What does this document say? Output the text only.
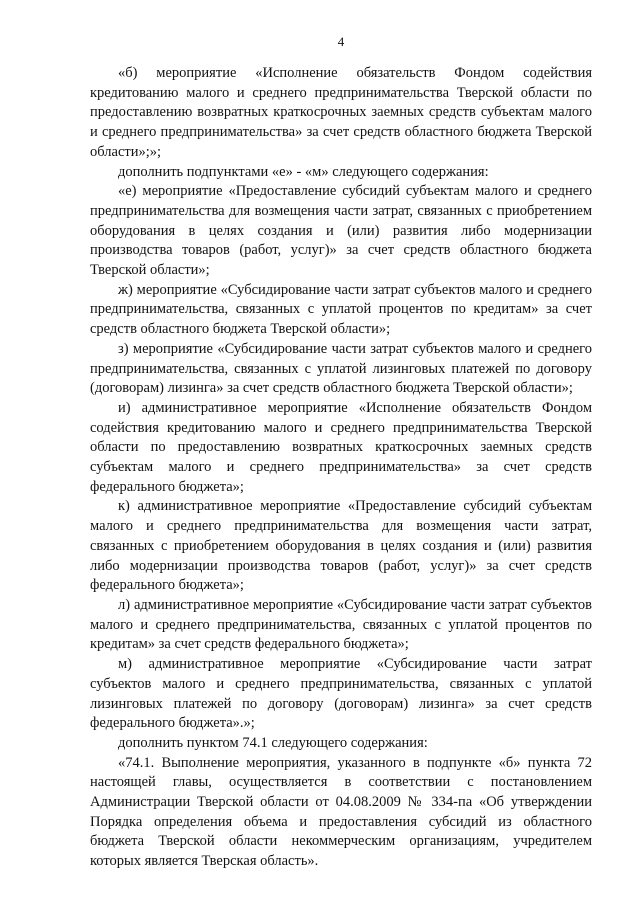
4

«б) мероприятие «Исполнение обязательств Фондом содействия кредитованию малого и среднего предпринимательства Тверской области по предоставлению возвратных краткосрочных заемных средств субъектам малого и среднего предпринимательства» за счет средств областного бюджета Тверской области»;»;

дополнить подпунктами «е» - «м» следующего содержания:

«е) мероприятие «Предоставление субсидий субъектам малого и среднего предпринимательства для возмещения части затрат, связанных с приобретением оборудования в целях создания и (или) развития либо модернизации производства товаров (работ, услуг)» за счет средств областного бюджета Тверской области»;

ж) мероприятие «Субсидирование части затрат субъектов малого и среднего предпринимательства, связанных с уплатой процентов по кредитам» за счет средств областного бюджета Тверской области»;

з) мероприятие «Субсидирование части затрат субъектов малого и среднего предпринимательства, связанных с уплатой лизинговых платежей по договору (договорам) лизинга» за счет средств областного бюджета Тверской области»;

и) административное мероприятие «Исполнение обязательств Фондом содействия кредитованию малого и среднего предпринимательства Тверской области по предоставлению возвратных краткосрочных заемных средств субъектам малого и среднего предпринимательства» за счет средств федерального бюджета»;

к) административное мероприятие «Предоставление субсидий субъектам малого и среднего предпринимательства для возмещения части затрат, связанных с приобретением оборудования в целях создания и (или) развития либо модернизации производства товаров (работ, услуг)» за счет средств федерального бюджета»;

л) административное мероприятие «Субсидирование части затрат субъектов малого и среднего предпринимательства, связанных с уплатой процентов по кредитам» за счет средств федерального бюджета»;

м) административное мероприятие «Субсидирование части затрат субъектов малого и среднего предпринимательства, связанных с уплатой лизинговых платежей по договору (договорам) лизинга» за счет средств федерального бюджета».»;

дополнить пунктом 74.1 следующего содержания:

«74.1. Выполнение мероприятия, указанного в подпункте «б» пункта 72 настоящей главы, осуществляется в соответствии с постановлением Администрации Тверской области от 04.08.2009 № 334-па «Об утверждении Порядка определения объема и предоставления субсидий из областного бюджета Тверской области некоммерческим организациям, учредителем которых является Тверская область».
